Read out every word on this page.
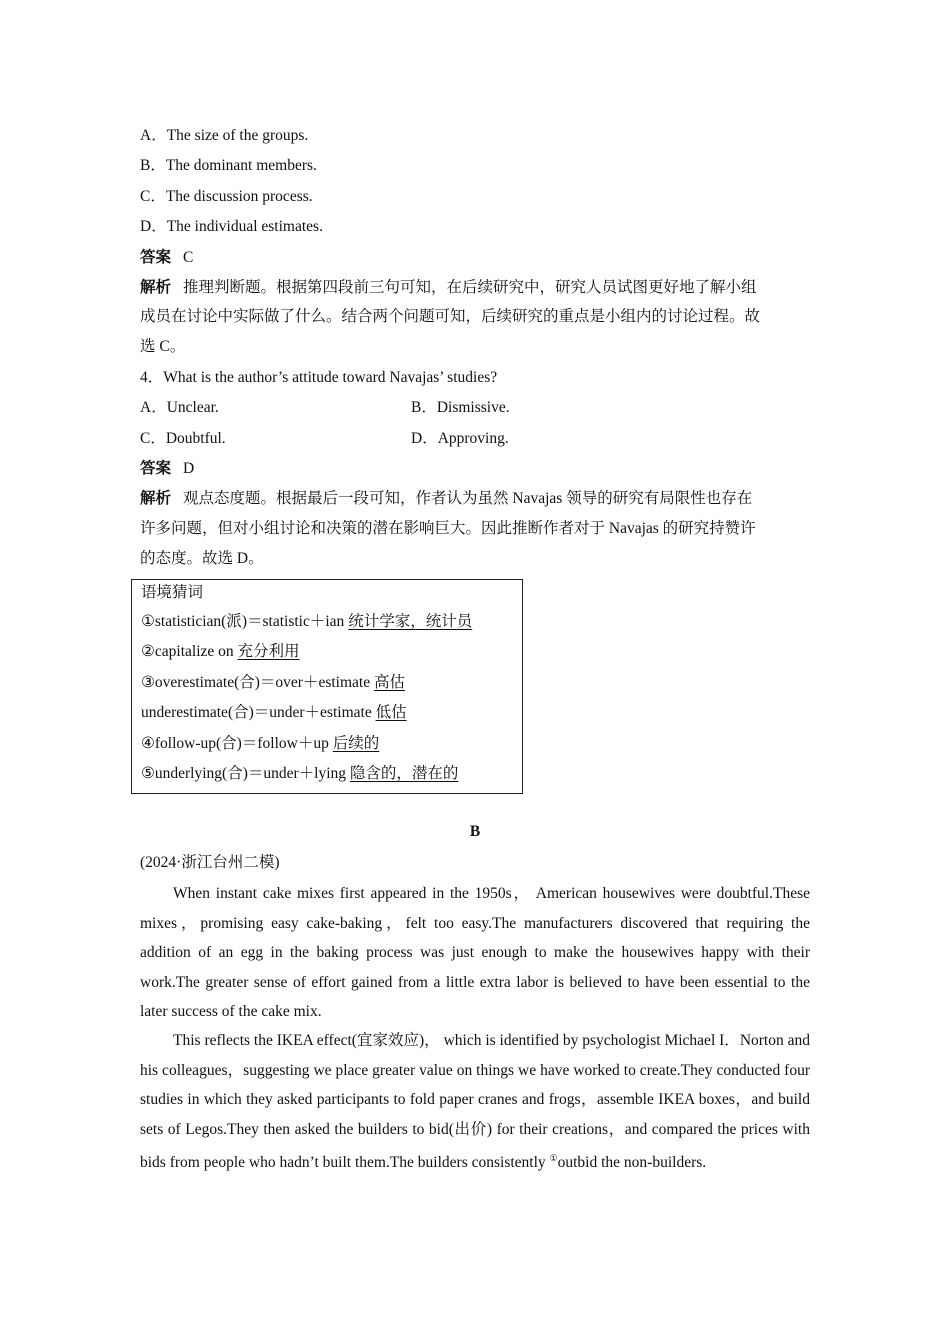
A．The size of the groups.
B．The dominant members.
C．The discussion process.
D．The individual estimates.
答案 C
解析 推理判断题。根据第四段前三句可知，在后续研究中，研究人员试图更好地了解小组
成员在讨论中实际做了什么。结合两个问题可知，后续研究的重点是小组内的讨论过程。故
选 C。
4．What is the author’s attitude toward Navajas’ studies?
A．Unclear.	B．Dismissive.
C．Doubtful.	D．Approving.
答案 D
解析 观点态度题。根据最后一段可知，作者认为虽然 Navajas 领导的研究有局限性也存在
许多问题，但对小组讨论和决策的潜在影响巨大。因此推断作者对于 Navajas 的研究持赞许
的态度。故选 D。
语境猜词
①statistician(派)＝statistic＋ian 统计学家，统计员
②capitalize on 充分利用
③overestimate(合)＝over＋estimate 高估
underestimate(合)＝under＋estimate 低估
④follow-up(合)＝follow＋up 后续的
⑤underlying(合)＝under＋lying 隐含的，潜在的
B
(2024·浙江台州二模)
When instant cake mixes first appeared in the 1950s， American housewives were doubtful.These mixes，promising easy cake-baking，felt too easy.The manufacturers discovered that requiring the addition of an egg in the baking process was just enough to make the housewives happy with their work.The greater sense of effort gained from a little extra labor is believed to have been essential to the later success of the cake mix.
This reflects the IKEA effect(宜家效应)， which is identified by psychologist Michael I．Norton and his colleagues，suggesting we place greater value on things we have worked to create.They conducted four studies in which they asked participants to fold paper cranes and frogs，assemble IKEA boxes，and build sets of Legos.They then asked the builders to bid(出价) for their creations，and compared the prices with bids from people who hadn’t built them.The builders consistently ①outbid the non-builders.
